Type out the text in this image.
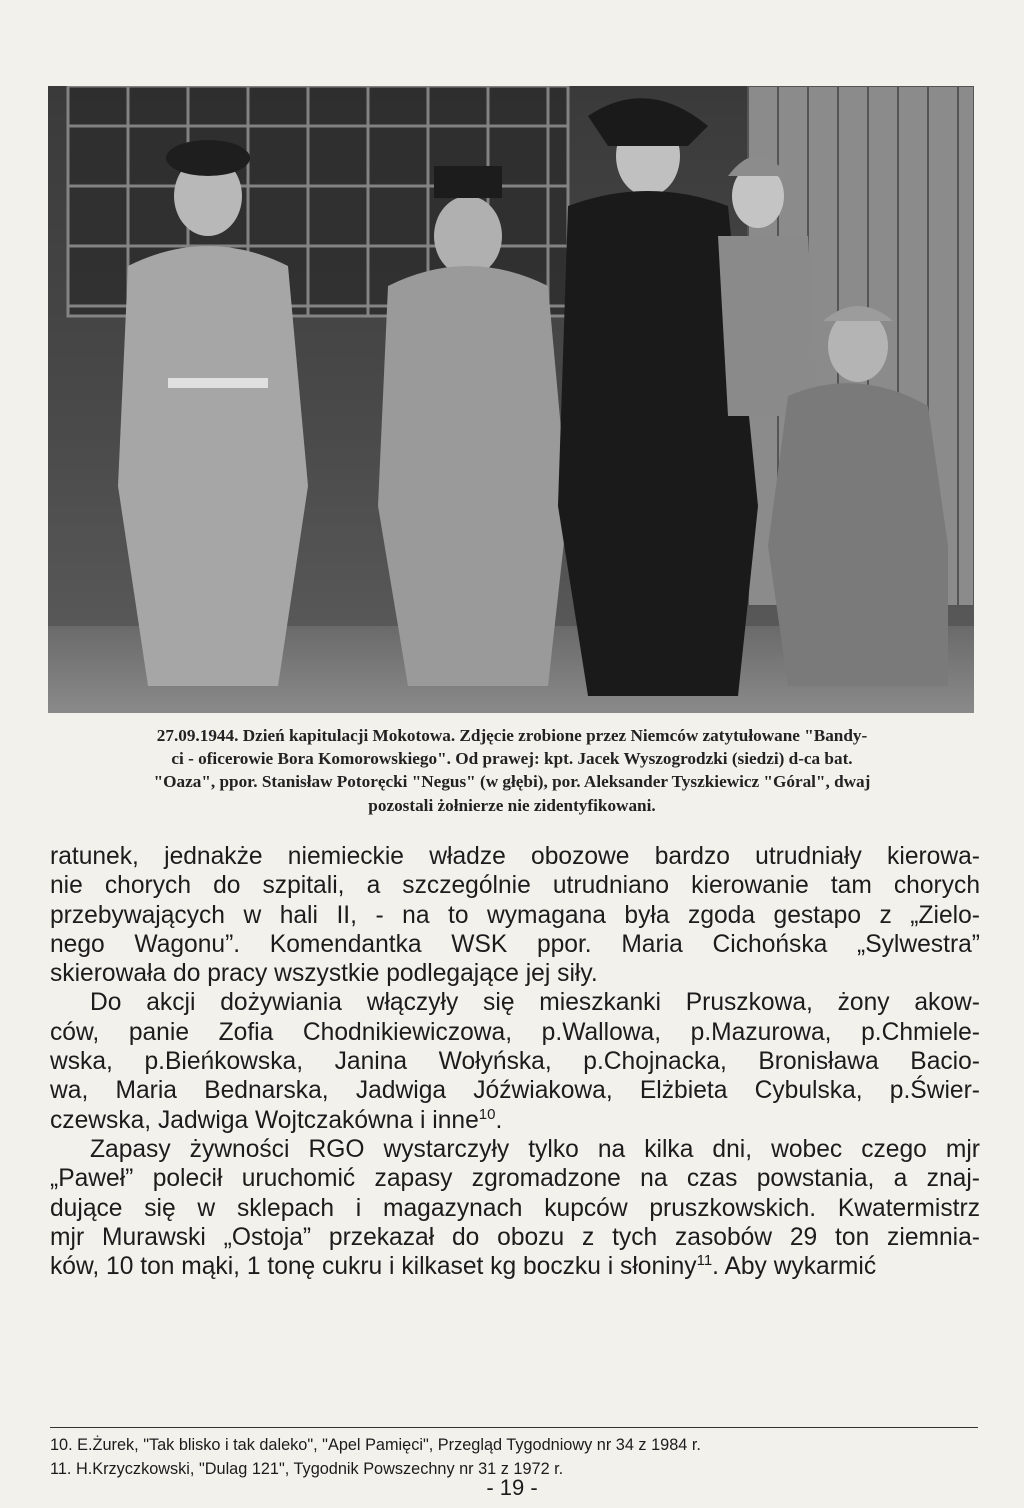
27.09.1944. Dzień kapitulacji Mokotowa. Zdjęcie zrobione przez Niemców zatytułowane "Bandy-
ci - oficerowie Bora Komorowskiego". Od prawej: kpt. Jacek Wyszogrodzki (siedzi) d-ca bat.
"Oaza", ppor. Stanisław Potoręcki "Negus" (w głębi), por. Aleksander Tyszkiewicz "Góral", dwaj
pozostali żołnierze nie zidentyfikowani.
ratunek, jednakże niemieckie władze obozowe bardzo utrudniały kierowa-
nie chorych do szpitali, a szczególnie utrudniano kierowanie tam chorych
przebywających w hali II, - na to wymagana była zgoda gestapo z „Zielo-
nego Wagonu”. Komendantka WSK ppor. Maria Cichońska „Sylwestra”
skierowała do pracy wszystkie podlegające jej siły.
Do akcji dożywiania włączyły się mieszkanki Pruszkowa, żony akow-
ców, panie Zofia Chodnikiewiczowa, p.Wallowa, p.Mazurowa, p.Chmiele-
wska, p.Bieńkowska, Janina Wołyńska, p.Chojnacka, Bronisława Bacio-
wa, Maria Bednarska, Jadwiga Jóźwiakowa, Elżbieta Cybulska, p.Świer-
czewska, Jadwiga Wojtczakówna i inne$^{10}$.
Zapasy żywności RGO wystarczyły tylko na kilka dni, wobec czego mjr
„Paweł” polecił uruchomić zapasy zgromadzone na czas powstania, a znaj-
dujące się w sklepach i magazynach kupców pruszkowskich. Kwatermistrz
mjr Murawski „Ostoja” przekazał do obozu z tych zasobów 29 ton ziemnia-
ków, 10 ton mąki, 1 tonę cukru i kilkaset kg boczku i słoniny$^{11}$. Aby wykarmić
10. E.Żurek, "Tak blisko i tak daleko", "Apel Pamięci", Przegląd Tygodniowy nr 34 z 1984 r.
11. H.Krzyczkowski, "Dulag 121", Tygodnik Powszechny nr 31 z 1972 r.
- 19 -
